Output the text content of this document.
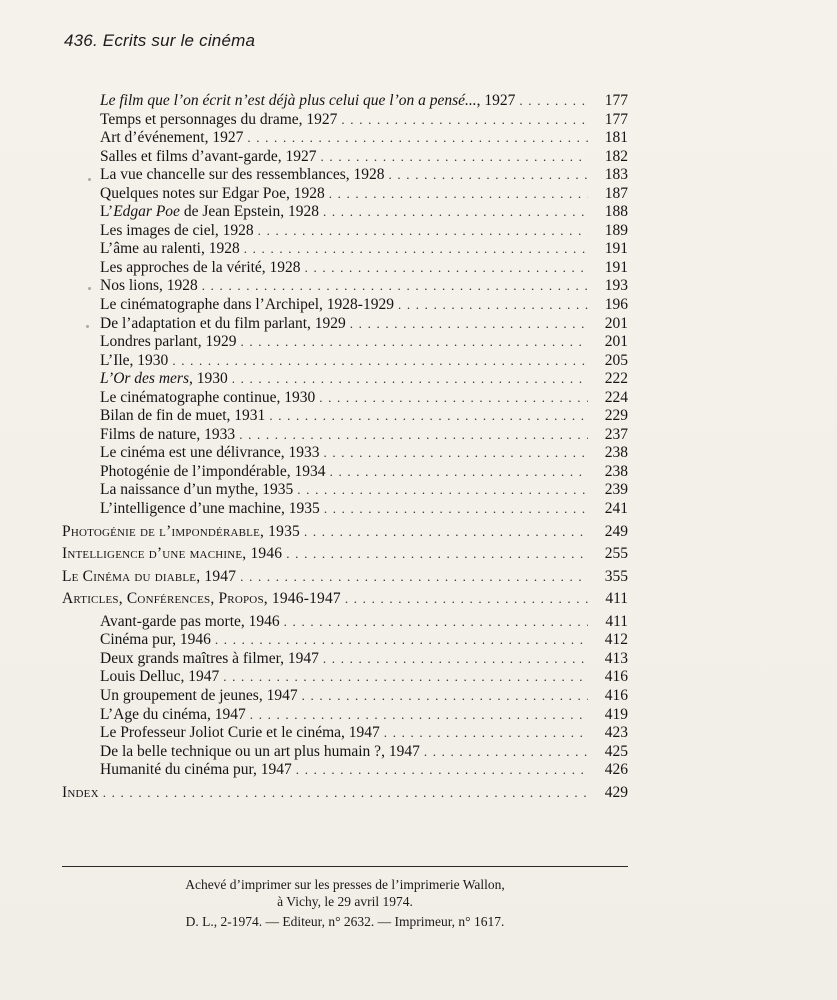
436. Ecrits sur le cinéma
Le film que l’on écrit n’est déjà plus celui que l’on a pensé..., 1927 . . .	177
Temps et personnages du drame, 1927 . . .	177
Art d’événement, 1927 . . .	181
Salles et films d’avant-garde, 1927 . . .	182
La vue chancelle sur des ressemblances, 1928 . . .	183
Quelques notes sur Edgar Poe, 1928 . . .	187
L’Edgar Poe de Jean Epstein, 1928 . . .	188
Les images de ciel, 1928 . . .	189
L’âme au ralenti, 1928 . . .	191
Les approches de la vérité, 1928 . . .	191
Nos lions, 1928 . . .	193
Le cinématographe dans l’Archipel, 1928-1929 . . .	196
De l’adaptation et du film parlant, 1929 . . .	201
Londres parlant, 1929 . . .	201
L’Ile, 1930 . . .	205
L’Or des mers, 1930 . . .	222
Le cinématographe continue, 1930 . . .	224
Bilan de fin de muet, 1931 . . .	229
Films de nature, 1933 . . .	237
Le cinéma est une délivrance, 1933 . . .	238
Photogénie de l’impondérable, 1934 . . .	238
La naissance d’un mythe, 1935 . . .	239
L’intelligence d’une machine, 1935 . . .	241
Photogénie de l’impondérable, 1935 . . .	249
Intelligence d’une machine, 1946 . . .	255
Le Cinéma du diable, 1947 . . .	355
Articles, Conférences, Propos, 1946-1947 . . .	411
Avant-garde pas morte, 1946 . . .	411
Cinéma pur, 1946 . . .	412
Deux grands maîtres à filmer, 1947 . . .	413
Louis Delluc, 1947 . . .	416
Un groupement de jeunes, 1947 . . .	416
L’Age du cinéma, 1947 . . .	419
Le Professeur Joliot Curie et le cinéma, 1947 . . .	423
De la belle technique ou un art plus humain ?, 1947 . . .	425
Humanité du cinéma pur, 1947 . . .	426
Index . . .	429
Achevé d’imprimer sur les presses de l’imprimerie Wallon,
à Vichy, le 29 avril 1974.
D. L., 2-1974. — Editeur, n° 2632. — Imprimeur, n° 1617.
